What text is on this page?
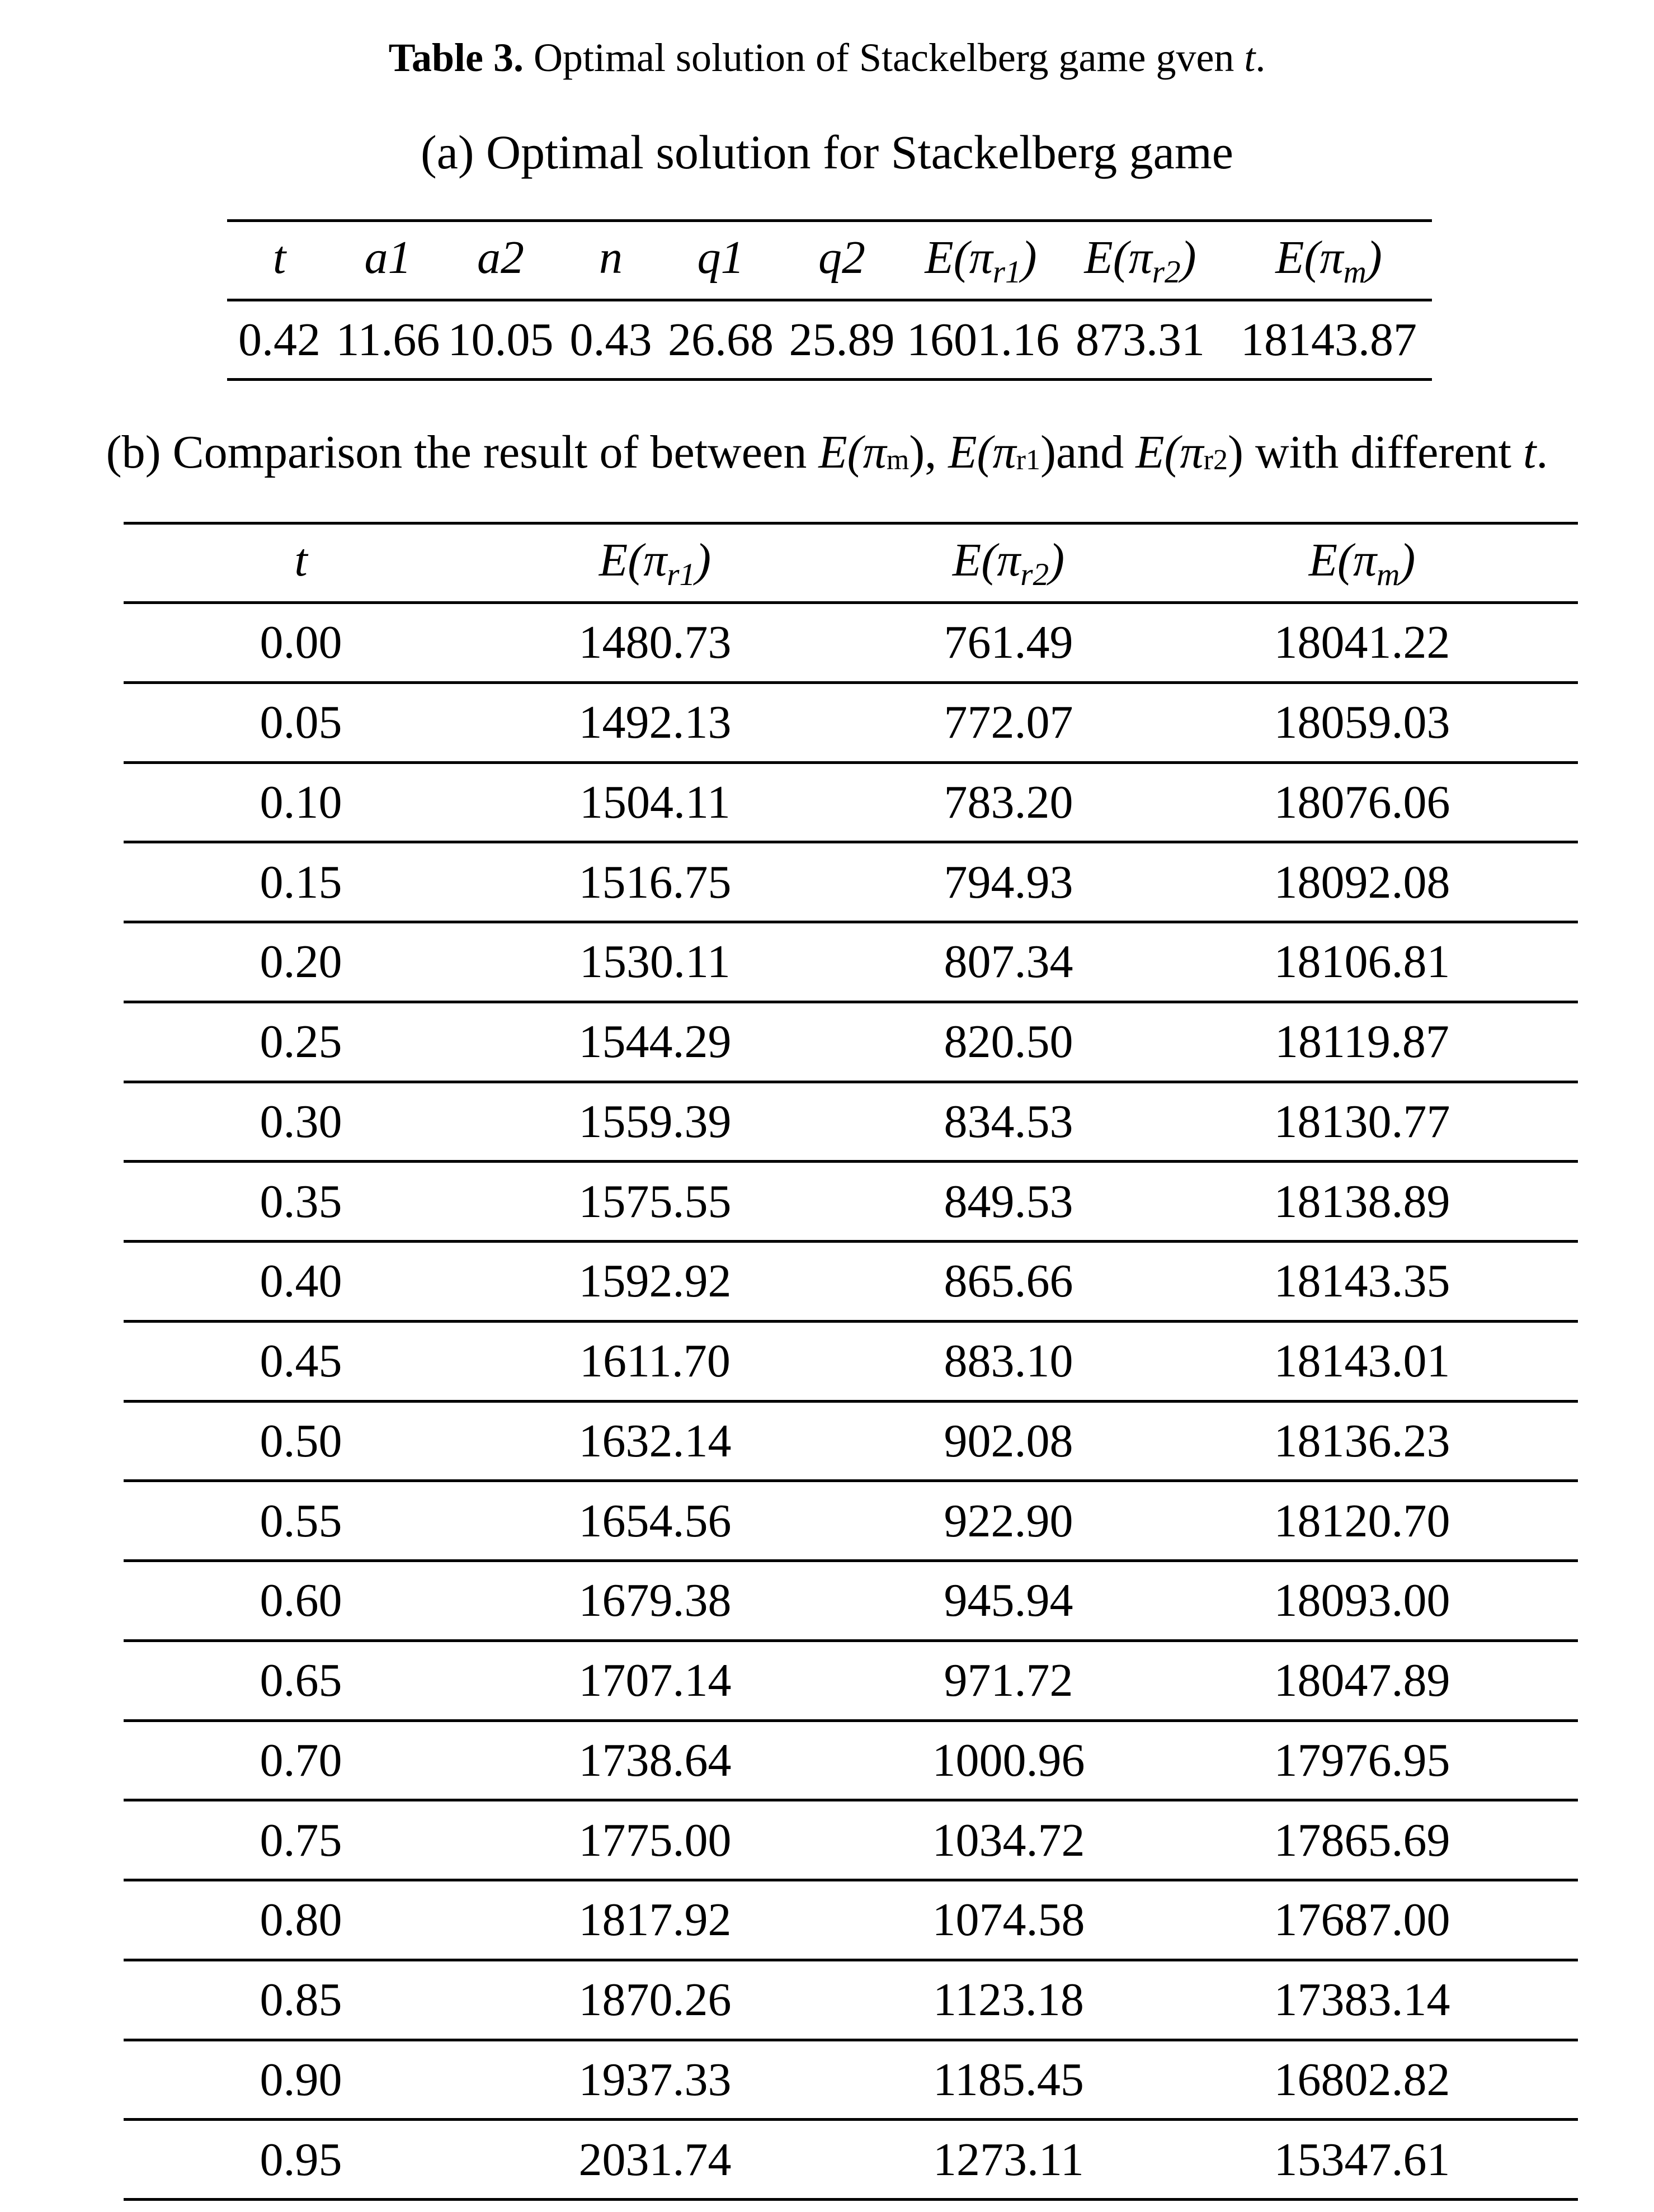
Table 3. Optimal solution of Stackelberg game gven t.
(a) Optimal solution for Stackelberg game
t	a1	a2	n	q1	q2	$E(\pi_{r1})$	$E(\pi_{r2})$	$E(\pi_m)$
0.42	11.66	10.05	0.43	26.68	25.89	1601.16	873.31	18143.87
(b) Comparison the result of between E(πm), E(πr1)and E(πr2) with different t.
t	$E(\pi_{r1})$	$E(\pi_{r2})$	$E(\pi_m)$	
0.00	1480.73	761.49	18041.22	
0.05	1492.13	772.07	18059.03	
0.10	1504.11	783.20	18076.06	
0.15	1516.75	794.93	18092.08	
0.20	1530.11	807.34	18106.81	
0.25	1544.29	820.50	18119.87	
0.30	1559.39	834.53	18130.77	
0.35	1575.55	849.53	18138.89	
0.40	1592.92	865.66	18143.35	
0.45	1611.70	883.10	18143.01	
0.50	1632.14	902.08	18136.23	
0.55	1654.56	922.90	18120.70	
0.60	1679.38	945.94	18093.00	
0.65	1707.14	971.72	18047.89	
0.70	1738.64	1000.96	17976.95	
0.75	1775.00	1034.72	17865.69	
0.80	1817.92	1074.58	17687.00	
0.85	1870.26	1123.18	17383.14	
0.90	1937.33	1185.45	16802.82	
0.95	2031.74	1273.11	15347.61	
